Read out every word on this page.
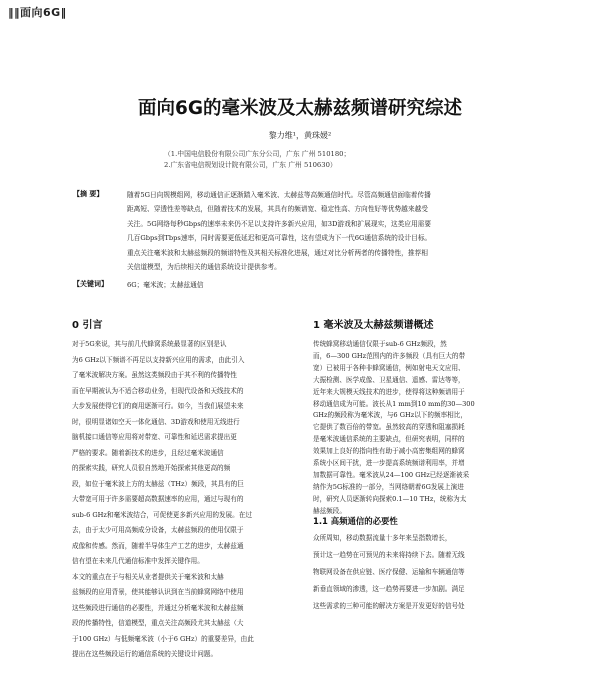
‖‖面向6G‖
面向6G的毫米波及太赫兹频谱研究综述
黎力维¹，黄珠媛²
（1.中国电信股份有限公司广东分公司，广东 广州 510180；
2.广东省电信规划设计院有限公司，广东 广州 510630）
【摘 要】	随着5G日向规模组网，移动通信正逐渐踏入毫米波、太赫兹等高频通信时代。尽管高频通信面临着传播
距离短、穿透性差等缺点，但随着技术的发展，其具有的频谱宽、稳定性高、方向性好等优势越来越受
关注。5G网络每秒Gbps的速率未来仍不足以支持许多新兴应用，如3D游戏和扩展现实，这类应用需要
几百Gbps到Tbps速率，同时需要更低延迟和更高可靠性，这有望成为下一代6G通信系统的设计目标。
重点关注毫米波和太赫兹频段的频谱特性及其相关标准化进展，通过对比分析两者的传播特性，推荐相
关信道模型，为后续相关的通信系统设计提供参考。
【关键词】	6G；毫米波；太赫兹通信
0 引言
对于5G来说，其与前几代蜂窝系统最显著的区别是认
为6 GHz以下频谱不再足以支持新兴应用的需求，由此引入
了毫米波解决方案。虽然这类频段由于其不利的传播特性
而在早期被认为不适合移动业务，但现代设备和天线技术的
大步发展使得它们的商用逐渐可行。如今，当我们展望未来
时，很明显诸如空天一体化通信、3D游戏和使用无线进行
脑机接口通信等应用将对带宽、可靠性和延迟需求提出更
严格的要求。随着新技术的进步，且经过毫米波通信
的探索实践，研究人员很自然地开始探索其他更高的频
段，如位于毫米波上方的太赫兹（THz）频段，其具有的巨
大带宽可用于许多需要超高数据速率的应用，通过与现有的
sub-6 GHz和毫米波结合，可促使更多新兴应用的发展。在过
去，由于太少可用高频成分设备，太赫兹频段的使用仅限于
成像和传感。然而，随着半导体生产工艺的进步，太赫兹通
信有望在未来几代通信标准中发挥关键作用。
本文的重点在于与相关从业者提供关于毫米波和太赫
兹频段的应用背景，使其能够认识到在当前蜂窝网络中使用
这些频段进行通信的必要性，并通过分析毫米波和太赫兹频
段的传播特性，信道模型，重点关注高频段尤其太赫兹（大
于100 GHz）与低频毫米波（小于6 GHz）的重要差异，由此
提出在这些频段运行的通信系统的关键设计问题。
1 毫米波及太赫兹频谱概述
传统蜂窝移动通信仅限于sub-6 GHz频段，然
而，6—300 GHz范围内的许多频段（具有巨大的带
宽）已被用于各种非蜂窝通信，例如射电天文应用、
大振检测、医学成像、卫星通信、遥感、雷达等等，
近年来大规模天线技术的进步，使得将这种频谱用于
移动通信成为可能。波长从1 mm到10 mm的30—300
GHz的频段称为毫米波，与6 GHz以下的频率相比，
它提供了数百倍的带宽。虽然较高的穿透和阻塞损耗
是毫米波通信系统的主要缺点，但研究表明，同样的
效果加上良好的指向性有助于减小高密集组网的蜂窝
系统小区间干扰，进一步提高系统频谱利用率，并增
加数据可靠性。毫米波从24—100 GHz已经逐渐被采
纳作为5G标准的一部分，当网络朝着6G发展上演进
时，研究人员逐渐转向探索0.1—10 THz，统称为太
赫兹频段。
1.1 高频通信的必要性
众所周知，移动数据流量十多年来呈指数增长，
预计这一趋势在可预见的未来将持续下去。随着无线
物联网设备在供应链、医疗保健、运输和车辆通信等
新垂直领域的渗透，这一趋势再要进一步加剧。满足
这些需求的三种可能的解决方案是开发更好的信号处
